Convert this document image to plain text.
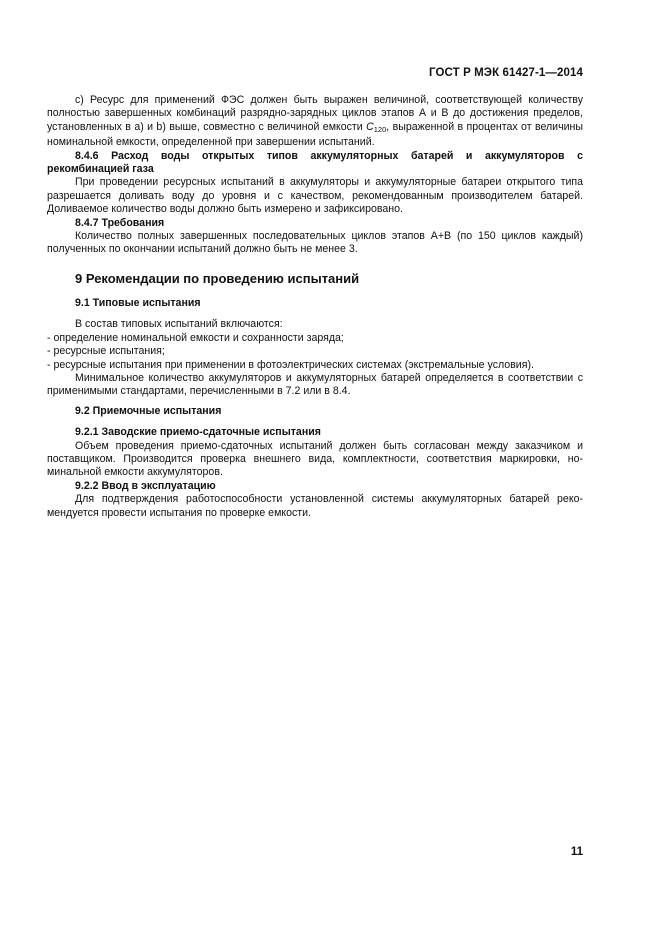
ГОСТ Р МЭК 61427-1—2014

c) Ресурс для применений ФЭС должен быть выражен величиной, соответствующей количеству полностью завершенных комбинаций разрядно-зарядных циклов этапов А и В до достижения пределов, установленных в a) и b) выше, совместно с величиной емкости $C_{120}$, выраженной в процентах от величины номинальной емкости, определенной при завершении испытаний.

8.4.6 Расход воды открытых типов аккумуляторных батарей и аккумуляторов с

рекомбинацией газа

При проведении ресурсных испытаний в аккумуляторы и аккумуляторные батареи открытого типа разрешается доливать воду до уровня и с качеством, рекомендованным производителем батарей. Доливаемое количество воды должно быть измерено и зафиксировано.

8.4.7 Требования

Количество полных завершенных последовательных циклов этапов А+В (по 150 циклов каждый) полученных по окончании испытаний должно быть не менее 3.

9 Рекомендации по проведению испытаний
9.1 Типовые испытания

В состав типовых испытаний включаются:

- определение номинальной емкости и сохранности заряда;

- ресурсные испытания;

- ресурсные испытания при применении в фотоэлектрических системах (экстремальные условия).

Минимальное количество аккумуляторов и аккумуляторных батарей определяется в соответствии с применимыми стандартами, перечисленными в 7.2 или в 8.4.

9.2 Приемочные испытания

9.2.1 Заводские приемо-сдаточные испытания

Объем проведения приемо-сдаточных испытаний должен быть согласован между заказчиком и поставщиком. Производится проверка внешнего вида, комплектности, соответствия маркировки, номинальной емкости аккумуляторов.

9.2.2 Ввод в эксплуатацию

Для подтверждения работоспособности установленной системы аккумуляторных батарей рекомендуется провести испытания по проверке емкости.

11
